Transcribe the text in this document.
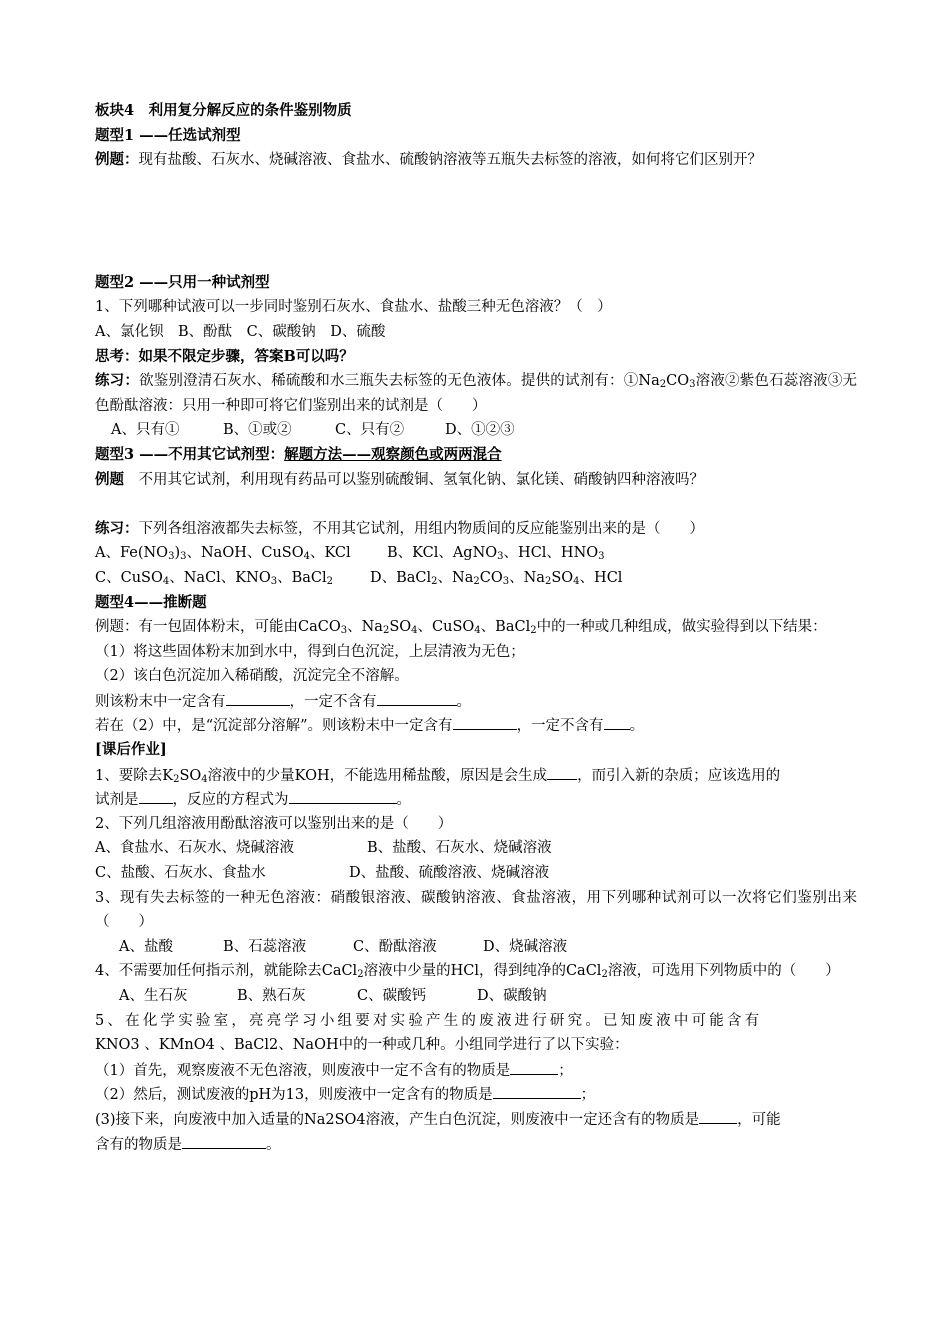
板块4　利用复分解反应的条件鉴别物质
题型1 ——任选试剂型
例题：现有盐酸、石灰水、烧碱溶液、食盐水、硫酸钠溶液等五瓶失去标签的溶液，如何将它们区别开？
题型2 ——只用一种试剂型
1、下列哪种试液可以一步同时鉴别石灰水、食盐水、盐酸三种无色溶液？（　）
A、氯化钡　B、酚酞　C、碳酸钠　D、硫酸
思考：如果不限定步骤，答案B可以吗？
练习：欲鉴别澄清石灰水、稀硫酸和水三瓶失去标签的无色液体。提供的试剂有：$①Na_2CO_3$溶液②紫色石蕊溶液③无色酚酞溶液：只用一种即可将它们鉴别出来的试剂是（　　）
A、只有①	B、①或②	C、只有②	D、①②③
题型3 ——不用其它试剂型：解题方法——观察颜色或两两混合
例题　不用其它试剂，利用现有药品可以鉴别硫酸铜、氢氧化钠、氯化镁、硝酸钠四种溶液吗？
练习：下列各组溶液都失去标签，不用其它试剂，用组内物质间的反应能鉴别出来的是（　　）
A、$Fe(NO_3)_3$、NaOH、CuSO$_4$、KCl	B、KCl、AgNO$_3$、HCl、$HNO_3$
C、CuSO$_4$、NaCl、$KNO_3$、BaCl$_2$	D、BaCl$_2$、$Na_2CO_3$、$Na_2SO_4$、HCl
题型4——推断题
例题：有一包固体粉末，可能由CaCO$_3$、$Na_2SO_4$、CuSO$_4$、BaCl$_2$中的一种或几种组成，做实验得到以下结果：
（1）将这些固体粉末加到水中，得到白色沉淀，上层清液为无色；
（2）该白色沉淀加入稀硝酸，沉淀完全不溶解。
则该粉末中一定含有	，一定不含有	。
若在（2）中，是“沉淀部分溶解”。则该粉末中一定含有	，一定不含有 。
[课后作业]
1、要除去$K_2SO_4$溶液中的少量KOH，不能选用稀盐酸，原因是会生成 ，而引入新的杂质；应该选用的
试剂是 ，反应的方程式为	。
2、下列几组溶液用酚酞溶液可以鉴别出来的是（　　）
A、食盐水、石灰水、烧碱溶液	B、盐酸、石灰水、烧碱溶液
C、盐酸、石灰水、食盐水	D、盐酸、硫酸溶液、烧碱溶液
3、现有失去标签的一种无色溶液：硝酸银溶液、碳酸钠溶液、食盐溶液，用下列哪种试剂可以一次将它们鉴别出来（　　）
A、盐酸	B、石蕊溶液	C、酚酞溶液	D、烧碱溶液
4、不需要加任何指示剂，就能除去CaCl$_2$溶液中少量的HCl，得到纯净的CaCl$_2$溶液，可选用下列物质中的（　　）
A、生石灰	B、熟石灰	C、碳酸钙	D、碳酸钠
5、在化学实验室，亮亮学习小组要对实验产生的废液进行研究。已知废液中可能含有
KNO3 、KMnO4 、BaCl2、NaOH中的一种或几种。小组同学进行了以下实验：
（1）首先，观察废液不无色溶液，则废液中一定不含有的物质是	；
（2）然后，测试废液的pH为13，则废液中一定含有的物质是	；
(3)接下来，向废液中加入适量的Na2SO4溶液，产生白色沉淀，则废液中一定还含有的物质是	，可能
含有的物质是	。
